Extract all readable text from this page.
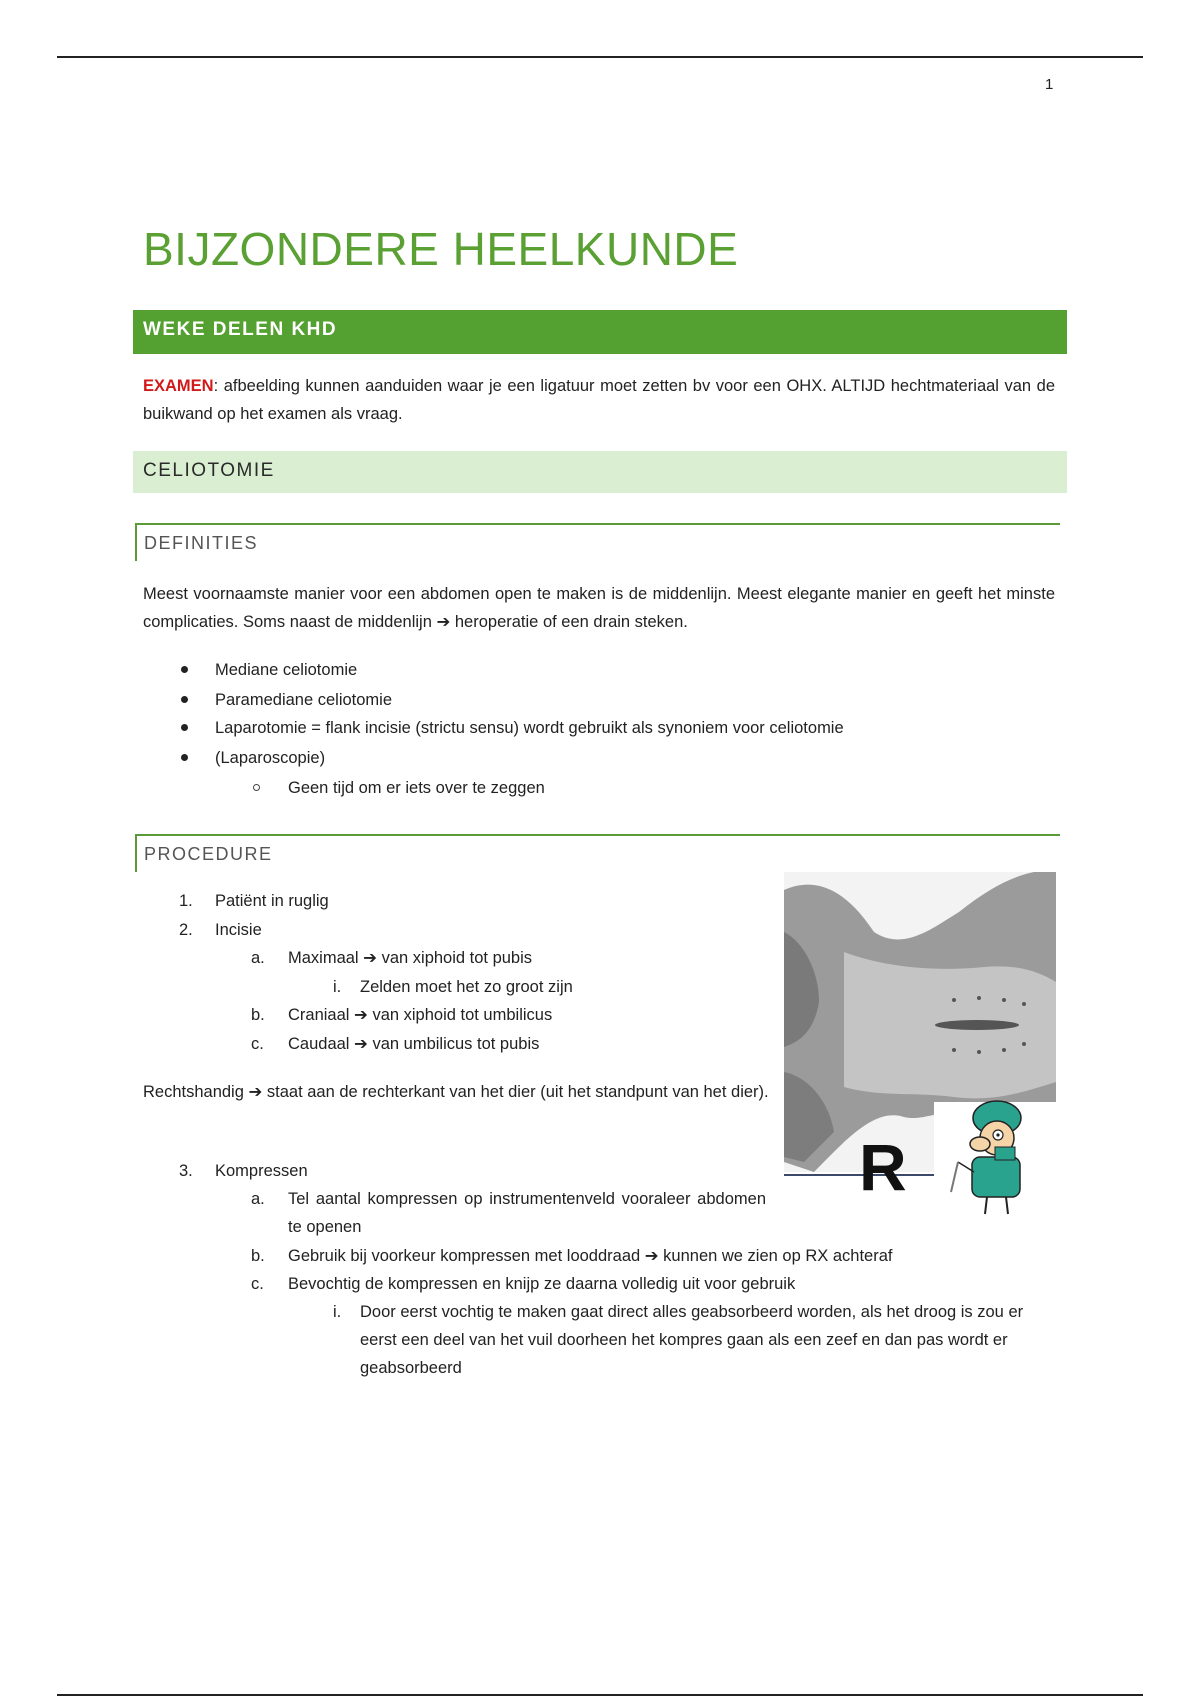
1
BIJZONDERE HEELKUNDE
WEKE DELEN KHD
EXAMEN: afbeelding kunnen aanduiden waar je een ligatuur moet zetten bv voor een OHX. ALTIJD hechtmateriaal van de buikwand op het examen als vraag.
CELIOTOMIE
DEFINITIES
Meest voornaamste manier voor een abdomen open te maken is de middenlijn. Meest elegante manier en geeft het minste complicaties. Soms naast de middenlijn ➔ heroperatie of een drain steken.
Mediane celiotomie
Paramediane celiotomie
Laparotomie = flank incisie (strictu sensu) wordt gebruikt als synoniem voor celiotomie
(Laparoscopie)
Geen tijd om er iets over te zeggen
PROCEDURE
1. Patiënt in ruglig
2. Incisie
a. Maximaal ➔ van xiphoid tot pubis
i. Zelden moet het zo groot zijn
b. Craniaal ➔ van xiphoid tot umbilicus
c. Caudaal ➔ van umbilicus tot pubis
Rechtshandig ➔ staat aan de rechterkant van het dier (uit het standpunt van het dier).
3. Kompressen
a. Tel aantal kompressen op instrumentenveld vooraleer abdomen te openen
b. Gebruik bij voorkeur kompressen met looddraad ➔ kunnen we zien op RX achteraf
c. Bevochtig de kompressen en knijp ze daarna volledig uit voor gebruik
i. Door eerst vochtig te maken gaat direct alles geabsorbeerd worden, als het droog is zou er eerst een deel van het vuil doorheen het kompres gaan als een zeef en dan pas wordt er geabsorbeerd
R
